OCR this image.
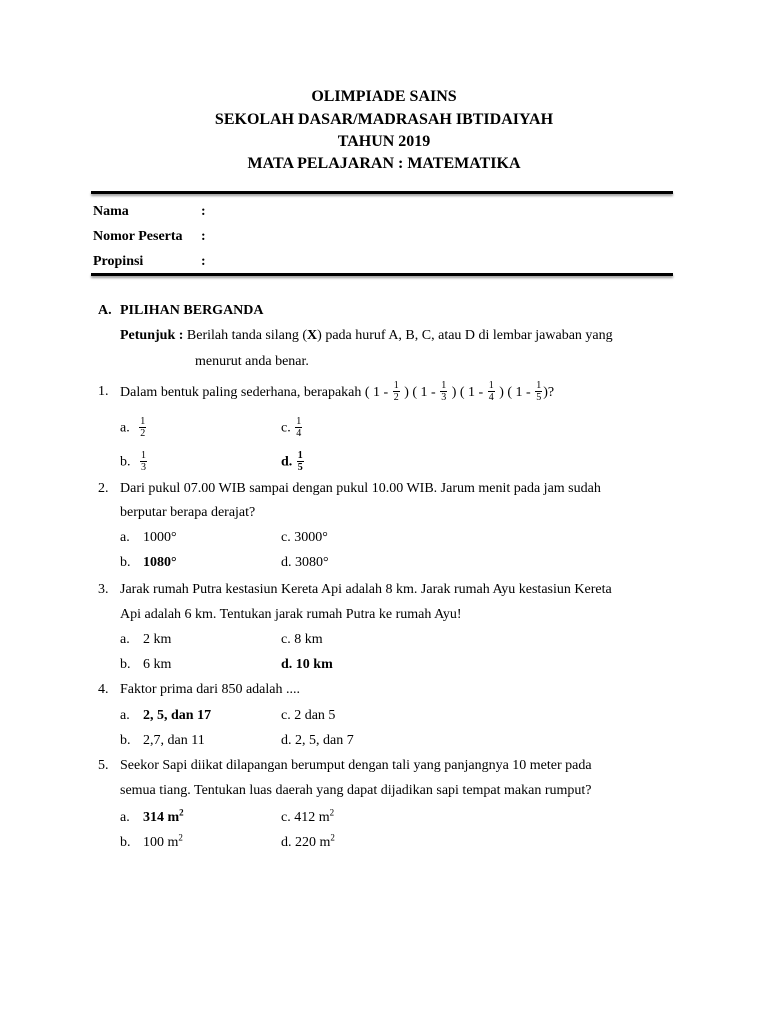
OLIMPIADE SAINS
SEKOLAH DASAR/MADRASAH IBTIDAIYAH
TAHUN 2019
MATA PELAJARAN : MATEMATIKA
Nama	:
Nomor Peserta :
Propinsi	:
A. PILIHAN BERGANDA
Petunjuk : Berilah tanda silang (X) pada huruf A, B, C, atau D di lembar jawaban yang
menurut anda benar.
1. Dalam bentuk paling sederhana, berapakah ( $1 - \frac{1}{2}$ ) ( $1 - \frac{1}{3}$ ) ( $1 - \frac{1}{4}$ ) ( $1 - \frac{1}{5}$ )?
a. $\frac{1}{2}$	c. $\frac{1}{4}$
b. $\frac{1}{3}$	d. $\frac{1}{5}$
2. Dari pukul 07.00 WIB sampai dengan pukul 10.00 WIB. Jarum menit pada jam sudah
berputar berapa derajat?
a. 1000°	c. 3000°
b. 1080°	d. 3080°
3. Jarak rumah Putra kestasiun Kereta Api adalah 8 km. Jarak rumah Ayu kestasiun Kereta
Api adalah 6 km. Tentukan jarak rumah Putra ke rumah Ayu!
a. 2 km	c. 8 km
b. 6 km	d. 10 km
4. Faktor prima dari 850 adalah ....
a. 2, 5, dan 17	c. 2 dan 5
b. 2,7, dan 11	d. 2, 5, dan 7
5. Seekor Sapi diikat dilapangan berumput dengan tali yang panjangnya 10 meter pada
semua tiang. Tentukan luas daerah yang dapat dijadikan sapi tempat makan rumput?
a. 314 $m^2$	c. 412 $m^2$
b. 100 $m^2$	d. 220 $m^2$
